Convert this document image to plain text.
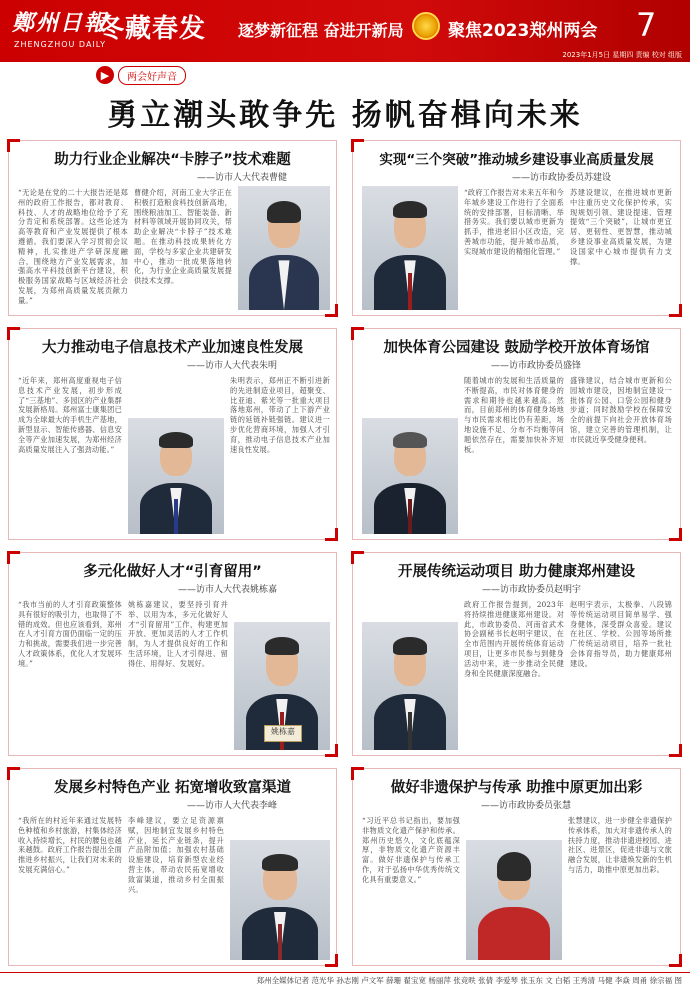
鄭州日報
ZHENGZHOU DAILY
冬藏春发 逐梦新征程 奋进开新局	聚焦2023郑州两会 7
2023年1月5日 星期四 责编 校对 组版
▶	两会好声音
勇立潮头敢争先 扬帆奋楫向未来
助力行业企业解决“卡脖子”技术难题
——访市人大代表曹健
“无论是在党的二十大报告还是郑州的政府工作报告，都对教育、科技、人才的战略地位给予了充分肯定和系统部署。这些论述为高等教育和产业发展提供了根本遵循。我们要深入学习贯彻会议精神，扎实推进产学研深度融合，围绕地方产业发展需求，加强高水平科技创新平台建设，积极服务国家战略与区域经济社会发展，为郑州高质量发展贡献力量。”
曹健介绍，河南工业大学正在积极打造粮食科技创新高地，围绕粮油加工、智能装备、新材料等领域开展协同攻关，帮助企业解决“卡脖子”技术难题。在推动科技成果转化方面，学校与多家企业共建研发中心，推动一批成果落地转化，为行业企业高质量发展提供技术支撑。
实现“三个突破”推动城乡建设事业高质量发展
——访市政协委员苏建设
“政府工作报告对未来五年和今年城乡建设工作进行了全面系统的安排部署，目标清晰、举措务实。我们要以城市更新为抓手，推进老旧小区改造，完善城市功能，提升城市品质，实现城市建设的精细化管理。”
苏建设建议，在推进城市更新中注重历史文化保护传承，实现规划引领、建设提速、管理提效“三个突破”，让城市更宜居、更韧性、更智慧，推动城乡建设事业高质量发展，为建设国家中心城市提供有力支撑。
大力推动电子信息技术产业加速良性发展
——访市人大代表朱明
“近年来，郑州高度重视电子信息技术产业发展，初步形成了“三基地”、多园区的产业集群发展新格局。郑州富士康集团已成为全球最大的手机生产基地，新型显示、智能传感器、信息安全等产业加速发展，为郑州经济高质量发展注入了强劲动能。”
朱明表示，郑州正不断引进新的先进制造业项目，超聚变、比亚迪、紫光等一批重大项目落地郑州，带动了上下游产业链的延链补链强链。建议进一步优化营商环境，加强人才引育，推动电子信息技术产业加速良性发展。
加快体育公园建设 鼓励学校开放体育场馆
——访市政协委员盛锋
随着城市的发展和生活质量的不断提高，市民对体育健身的需求和期待也越来越高。然而，目前郑州的体育健身场地与市民需求相比仍有差距，场地设施不足、分布不均衡等问题依然存在，需要加快补齐短板。
盛锋建议，结合城市更新和公园城市建设，因地制宜建设一批体育公园、口袋公园和健身步道；同时鼓励学校在保障安全的前提下向社会开放体育场馆，建立完善的管理机制，让市民就近享受健身便利。
多元化做好人才“引育留用”
——访市人大代表姚栋嘉
“我市当前的人才引育政策整体具有很好的吸引力，也取得了不错的成效。但也应该看到，郑州在人才引育方面仍面临一定的压力和挑战，需要我们进一步完善人才政策体系，优化人才发展环境。”
姚栋嘉建议，要坚持引育并举、以用为本，多元化做好人才“引育留用”工作，构建更加开放、更加灵活的人才工作机制，为人才提供良好的工作和生活环境，让人才引得进、留得住、用得好、发展好。
姚栋嘉
开展传统运动项目 助力健康郑州建设
——访市政协委员赵明宇
政府工作报告提到，2023年将持续推进健康郑州建设。对此，市政协委员、河南省武术协会副秘书长赵明宇建议，在全市范围内开展传统体育运动项目，让更多市民参与到健身活动中来，进一步推动全民健身和全民健康深度融合。
赵明宇表示，太极拳、八段锦等传统运动项目简单易学、强身健体，深受群众喜爱。建议在社区、学校、公园等场所推广传统运动项目，培养一批社会体育指导员，助力健康郑州建设。
发展乡村特色产业 拓宽增收致富渠道
——访市人大代表李峰
“我所在的村近年来通过发展特色种植和乡村旅游，村集体经济收入持续增长，村民的腰包也越来越鼓。政府工作报告提出全面推进乡村振兴，让我们对未来的发展充满信心。”
李峰建议，要立足资源禀赋，因地制宜发展乡村特色产业，延长产业链条，提升产品附加值；加强农村基础设施建设，培育新型农业经营主体，带动农民拓宽增收致富渠道，推动乡村全面振兴。
做好非遗保护与传承 助推中原更加出彩
——访市政协委员张慧
“习近平总书记指出，要加强非物质文化遗产保护和传承。郑州历史悠久，文化底蕴深厚，非物质文化遗产资源丰富。做好非遗保护与传承工作，对于弘扬中华优秀传统文化具有重要意义。”
张慧建议，进一步健全非遗保护传承体系，加大对非遗传承人的扶持力度，推动非遗进校园、进社区、进景区，促进非遗与文旅融合发展，让非遗焕发新的生机与活力，助推中原更加出彩。
郑州全媒体记者 范光华 孙志刚 卢文军 薛珊 翟宝宽 杨丽萍 张竞昳 张倩 李爱琴 张玉东 文 白韬 王秀清 马健 李焱 周甬 徐宗福 图
